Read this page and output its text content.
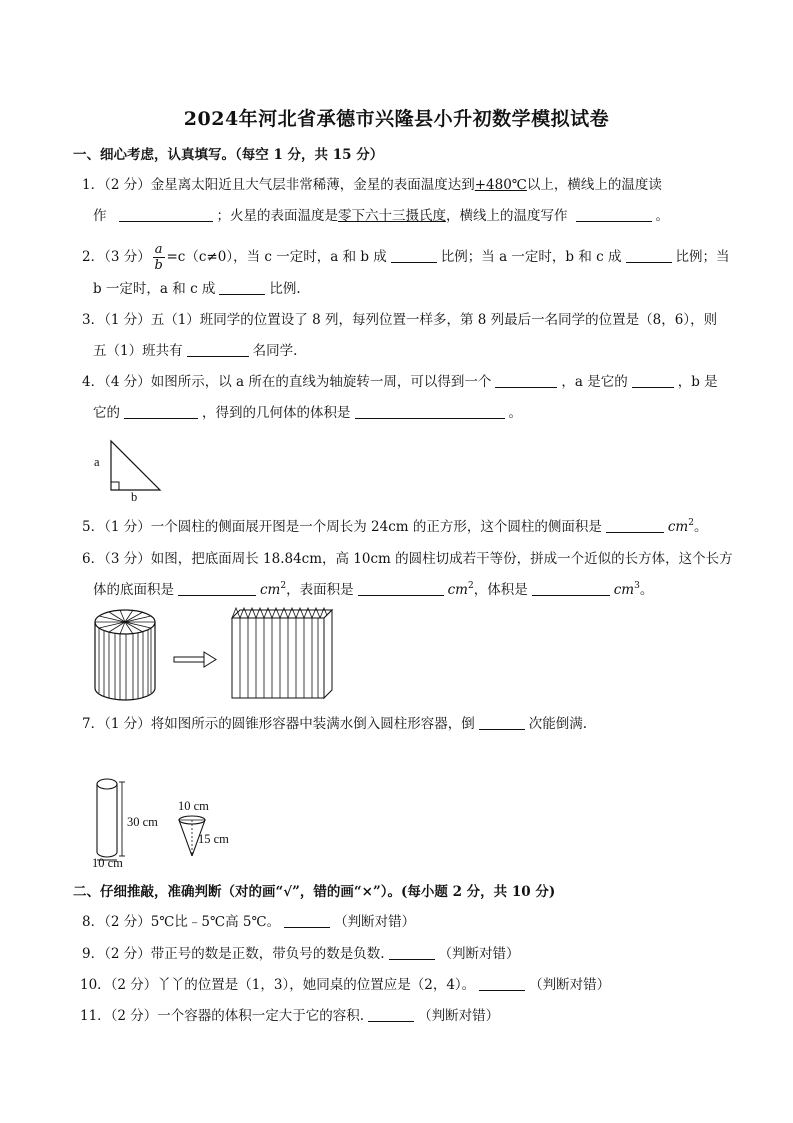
2024年河北省承德市兴隆县小升初数学模拟试卷
一、细心考虑，认真填写。（每空 1 分，共 15 分）
1．（2 分）金星离太阳近且大气层非常稀薄，金星的表面温度达到+480℃以上，横线上的温度读
作	；火星的表面温度是零下六十三摄氏度，横线上的温度写作	。
2．（3 分） $\frac{a}{b} =c(c\ne 0)$，当 c 一定时，a 和 b 成	比例；当 a 一定时，b 和 c 成	比例；当
b 一定时，a 和 c 成	比例.
3．（1 分）五（1）班同学的位置设了 8 列，每列位置一样多，第 8 列最后一名同学的位置是（8，6），则
五（1）班共有	名同学.
4．（4 分）如图所示，以 a 所在的直线为轴旋转一周，可以得到一个	，a 是它的	，b 是
它的	，得到的几何体的体积是	。
a
b
5．（1 分）一个圆柱的侧面展开图是一个周长为 24cm 的正方形，这个圆柱的侧面积是	$cm^2$。
6．（3 分）如图，把底面周长 18.84cm，高 10cm 的圆柱切成若干等份，拼成一个近似的长方体，这个长方
体的底面积是	$cm^2$，表面积是	$cm^2$，体积是	$cm^3$。
7．（1 分）将如图所示的圆锥形容器中装满水倒入圆柱形容器，倒	次能倒满.
30 cm
10 cm
10 cm
15 cm
二、仔细推敲，准确判断（对的画“√”，错的画“×”）。(每小题 2 分，共 10 分)
8．（2 分）5℃比﹣5℃高 5℃。	（判断对错）
9．（2 分）带正号的数是正数，带负号的数是负数.	（判断对错）
10．（2 分）丫丫的位置是（1，3），她同桌的位置应是（2，4）。	（判断对错）
11．（2 分）一个容器的体积一定大于它的容积.	（判断对错）
